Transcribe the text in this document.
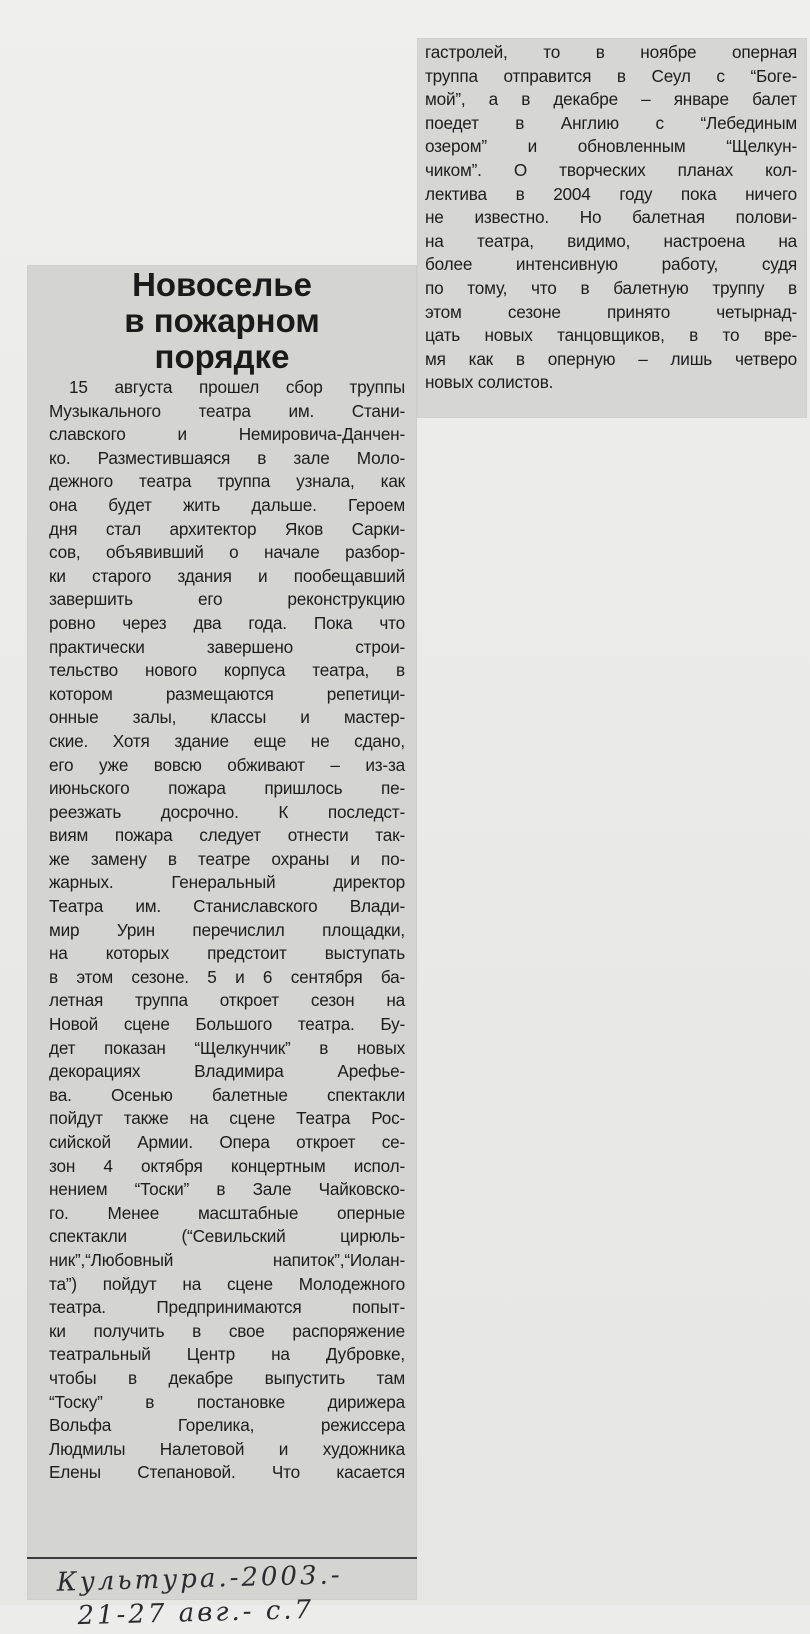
гастролей, то в ноябре оперная
труппа отправится в Сеул с “Боге-
мой”, а в декабре – январе балет
поедет в Англию с “Лебединым
озером” и обновленным “Щелкун-
чиком”. О творческих планах кол-
лектива в 2004 году пока ничего
не известно. Но балетная полови-
на театра, видимо, настроена на
более интенсивную работу, судя
по тому, что в балетную труппу в
этом сезоне принято четырнад-
цать новых танцовщиков, в то вре-
мя как в оперную – лишь четверо
новых солистов.
Новоселье
в пожарном
порядке
15 августа прошел сбор труппы
Музыкального театра им. Стани-
славского и Немировича-Данчен-
ко. Разместившаяся в зале Моло-
дежного театра труппа узнала, как
она будет жить дальше. Героем
дня стал архитектор Яков Сарки-
сов, объявивший о начале разбор-
ки старого здания и пообещавший
завершить его реконструкцию
ровно через два года. Пока что
практически завершено строи-
тельство нового корпуса театра, в
котором размещаются репетици-
онные залы, классы и мастер-
ские. Хотя здание еще не сдано,
его уже вовсю обживают – из-за
июньского пожара пришлось пе-
реезжать досрочно. К последст-
виям пожара следует отнести так-
же замену в театре охраны и по-
жарных. Генеральный директор
Театра им. Станиславского Влади-
мир Урин перечислил площадки,
на которых предстоит выступать
в этом сезоне. 5 и 6 сентября ба-
летная труппа откроет сезон на
Новой сцене Большого театра. Бу-
дет показан “Щелкунчик” в новых
декорациях Владимира Арефье-
ва. Осенью балетные спектакли
пойдут также на сцене Театра Рос-
сийской Армии. Опера откроет се-
зон 4 октября концертным испол-
нением “Тоски” в Зале Чайковско-
го. Менее масштабные оперные
спектакли (“Севильский цирюль-
ник”,“Любовный напиток”,“Иолан-
та”) пойдут на сцене Молодежного
театра. Предпринимаются попыт-
ки получить в свое распоряжение
театральный Центр на Дубровке,
чтобы в декабре выпустить там
“Тоску” в постановке дирижера
Вольфа Горелика, режиссера
Людмилы Налетовой и художника
Елены Степановой. Что касается
Культура.-2003.-
21-27 авг.- с.7
